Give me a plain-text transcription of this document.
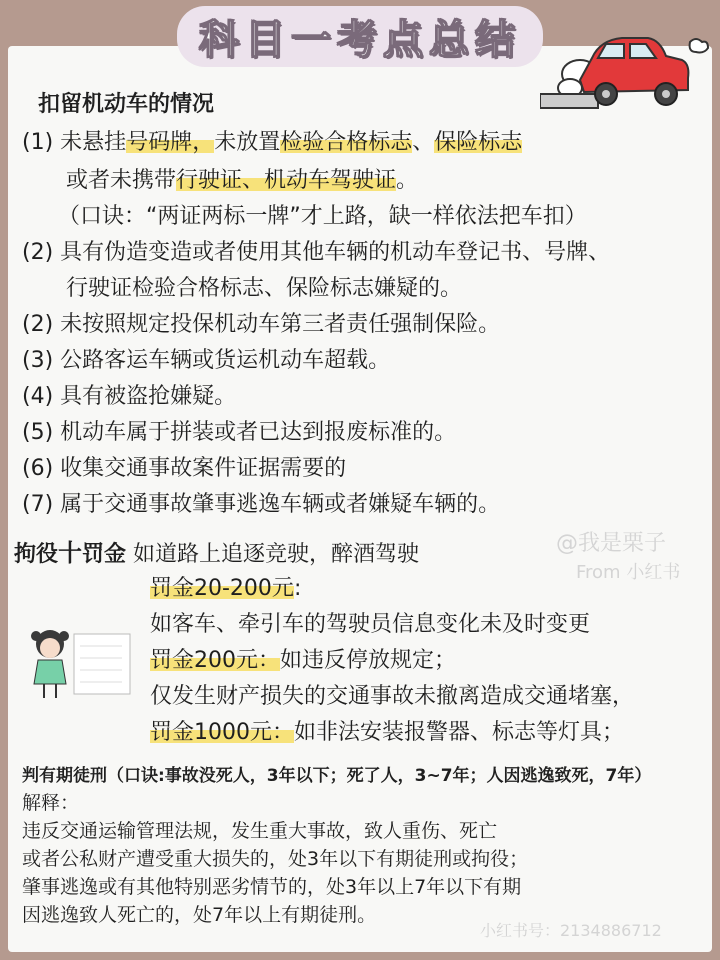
科目一考点总结
扣留机动车的情况
(1) 未悬挂号码牌，未放置检验合格标志、保险标志
或者未携带行驶证、机动车驾驶证。
（口诀：“两证两标一牌”才上路，缺一样依法把车扣）
(2) 具有伪造变造或者使用其他车辆的机动车登记书、号牌、
行驶证检验合格标志、保险标志嫌疑的。
(2) 未按照规定投保机动车第三者责任强制保险。
(3) 公路客运车辆或货运机动车超载。
(4) 具有被盗抢嫌疑。
(5) 机动车属于拼装或者已达到报废标准的。
(6) 收集交通事故案件证据需要的
(7) 属于交通事故肇事逃逸车辆或者嫌疑车辆的。
@我是栗子
From 小红书
拘役十罚金 如道路上追逐竞驶，醉酒驾驶
罚金20-200元:
如客车、牵引车的驾驶员信息变化未及时变更
罚金200元：如违反停放规定；
仅发生财产损失的交通事故未撤离造成交通堵塞，
罚金1000元：如非法安装报警器、标志等灯具；
判有期徒刑（口诀:事故没死人，3年以下；死了人，3~7年；人因逃逸致死，7年）
解释：
违反交通运输管理法规，发生重大事故，致人重伤、死亡
或者公私财产遭受重大损失的，处3年以下有期徒刑或拘役；
肇事逃逸或有其他特别恶劣情节的，处3年以上7年以下有期
因逃逸致人死亡的，处7年以上有期徒刑。
小红书号：2134886712
